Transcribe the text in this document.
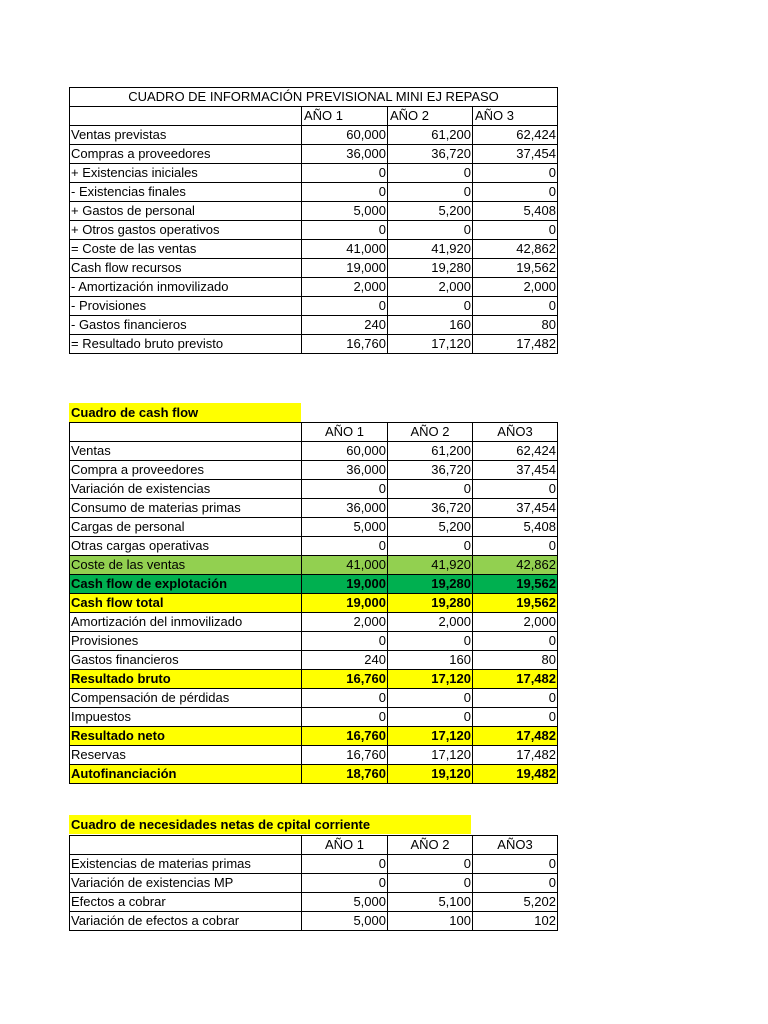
CUADRO DE INFORMACIÓN PREVISIONAL MINI EJ REPASO			
	AÑO 1	AÑO 2	AÑO 3
Ventas previstas	60,000	61,200	62,424
Compras a proveedores	36,000	36,720	37,454
+ Existencias iniciales	0	0	0
- Existencias finales	0	0	0
+ Gastos de personal	5,000	5,200	5,408
+ Otros gastos operativos	0	0	0
= Coste de las ventas	41,000	41,920	42,862
Cash flow recursos	19,000	19,280	19,562
- Amortización inmovilizado	2,000	2,000	2,000
- Provisiones	0	0	0
- Gastos financieros	240	160	80
= Resultado bruto previsto	16,760	17,120	17,482
Cuadro de cash flow
	AÑO 1	AÑO 2	AÑO3
Ventas	60,000	61,200	62,424
Compra a proveedores	36,000	36,720	37,454
Variación de existencias	0	0	0
Consumo de materias primas	36,000	36,720	37,454
Cargas de personal	5,000	5,200	5,408
Otras cargas operativas	0	0	0
Coste de las ventas	41,000	41,920	42,862
Cash flow de explotación	19,000	19,280	19,562
Cash flow total	19,000	19,280	19,562
Amortización del inmovilizado	2,000	2,000	2,000
Provisiones	0	0	0
Gastos financieros	240	160	80
Resultado bruto	16,760	17,120	17,482
Compensación de pérdidas	0	0	0
Impuestos	0	0	0
Resultado neto	16,760	17,120	17,482
Reservas	16,760	17,120	17,482
Autofinanciación	18,760	19,120	19,482
Cuadro de necesidades netas de cpital corriente
	AÑO 1	AÑO 2	AÑO3
Existencias de materias primas	0	0	0
Variación de existencias MP	0	0	0
Efectos a cobrar	5,000	5,100	5,202
Variación de efectos a cobrar	5,000	100	102
